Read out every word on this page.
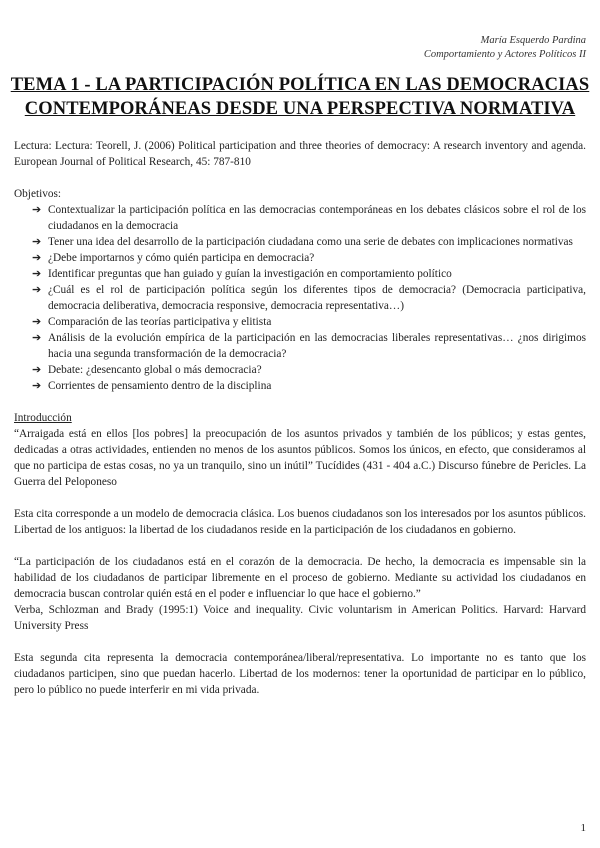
María Esquerdo Pardina
Comportamiento y Actores Políticos II
TEMA 1 - LA PARTICIPACIÓN POLÍTICA EN LAS DEMOCRACIAS
CONTEMPORÁNEAS DESDE UNA PERSPECTIVA NORMATIVA

Lectura: Lectura: Teorell, J. (2006) Political participation and three theories of democracy: A research inventory and agenda. European Journal of Political Research, 45: 787-810

Objetivos:

➔ Contextualizar la participación política en las democracias contemporáneas en los debates clásicos sobre el rol de los ciudadanos en la democracia
➔ Tener una idea del desarrollo de la participación ciudadana como una serie de debates con implicaciones normativas
➔ ¿Debe importarnos y cómo quién participa en democracia?
➔ Identificar preguntas que han guiado y guían la investigación en comportamiento político
➔ ¿Cuál es el rol de participación política según los diferentes tipos de democracia? (Democracia participativa, democracia deliberativa, democracia responsive, democracia representativa…)
➔ Comparación de las teorías participativa y elitista
➔ Análisis de la evolución empírica de la participación en las democracias liberales representativas… ¿nos dirigimos hacia una segunda transformación de la democracia?
➔ Debate: ¿desencanto global o más democracia?
➔ Corrientes de pensamiento dentro de la disciplina

Introducción

“Arraigada está en ellos [los pobres] la preocupación de los asuntos privados y también de los públicos; y estas gentes, dedicadas a otras actividades, entienden no menos de los asuntos públicos. Somos los únicos, en efecto, que consideramos al que no participa de estas cosas, no ya un tranquilo, sino un inútil” Tucídides (431 - 404 a.C.) Discurso fúnebre de Pericles. La Guerra del Peloponeso

Esta cita corresponde a un modelo de democracia clásica. Los buenos ciudadanos son los interesados por los asuntos públicos. Libertad de los antiguos: la libertad de los ciudadanos reside en la participación de los ciudadanos en gobierno.

“La participación de los ciudadanos está en el corazón de la democracia. De hecho, la democracia es impensable sin la habilidad de los ciudadanos de participar libremente en el proceso de gobierno. Mediante su actividad los ciudadanos en democracia buscan controlar quién está en el poder e influenciar lo que hace el gobierno.”

Verba, Schlozman and Brady (1995:1) Voice and inequality. Civic voluntarism in American Politics. Harvard: Harvard University Press

Esta segunda cita representa la democracia contemporánea/liberal/representativa. Lo importante no es tanto que los ciudadanos participen, sino que puedan hacerlo. Libertad de los modernos: tener la oportunidad de participar en lo público, pero lo público no puede interferir en mi vida privada.

1
